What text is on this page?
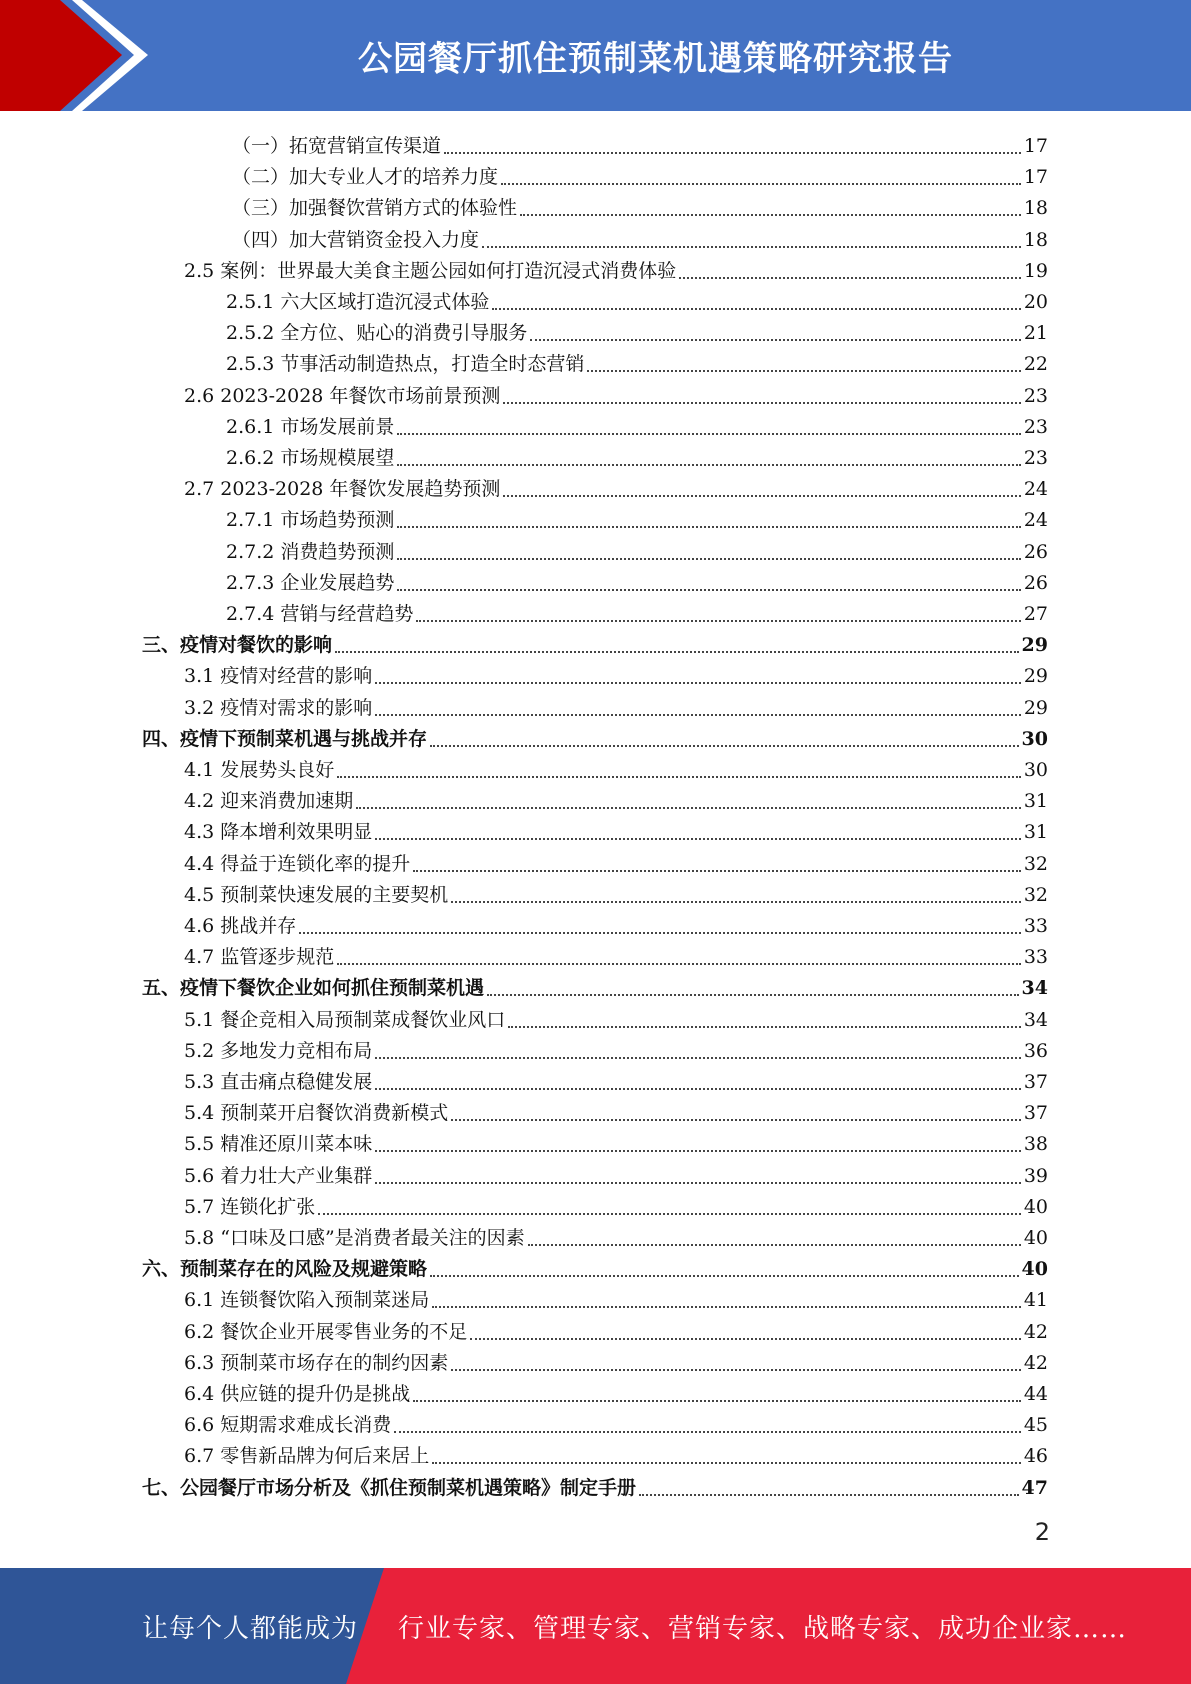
公园餐厅抓住预制菜机遇策略研究报告
（一）拓宽营销宣传渠道	17
（二）加大专业人才的培养力度	17
（三）加强餐饮营销方式的体验性	18
（四）加大营销资金投入力度	18
2.5 案例：世界最大美食主题公园如何打造沉浸式消费体验	19
2.5.1 六大区域打造沉浸式体验	20
2.5.2 全方位、贴心的消费引导服务	21
2.5.3 节事活动制造热点，打造全时态营销	22
2.6 2023-2028 年餐饮市场前景预测	23
2.6.1 市场发展前景	23
2.6.2 市场规模展望	23
2.7 2023-2028 年餐饮发展趋势预测	24
2.7.1 市场趋势预测	24
2.7.2 消费趋势预测	26
2.7.3 企业发展趋势	26
2.7.4 营销与经营趋势	27
三、疫情对餐饮的影响	29
3.1 疫情对经营的影响	29
3.2 疫情对需求的影响	29
四、疫情下预制菜机遇与挑战并存	30
4.1 发展势头良好	30
4.2 迎来消费加速期	31
4.3 降本增利效果明显	31
4.4 得益于连锁化率的提升	32
4.5 预制菜快速发展的主要契机	32
4.6 挑战并存	33
4.7 监管逐步规范	33
五、疫情下餐饮企业如何抓住预制菜机遇	34
5.1 餐企竞相入局预制菜成餐饮业风口	34
5.2 多地发力竞相布局	36
5.3 直击痛点稳健发展	37
5.4 预制菜开启餐饮消费新模式	37
5.5 精准还原川菜本味	38
5.6 着力壮大产业集群	39
5.7 连锁化扩张	40
5.8 “口味及口感”是消费者最关注的因素	40
六、预制菜存在的风险及规避策略	40
6.1 连锁餐饮陷入预制菜迷局	41
6.2 餐饮企业开展零售业务的不足	42
6.3 预制菜市场存在的制约因素	42
6.4 供应链的提升仍是挑战	44
6.6 短期需求难成长消费	45
6.7 零售新品牌为何后来居上	46
七、公园餐厅市场分析及《抓住预制菜机遇策略》制定手册	47
2
让每个人都能成为 行业专家、管理专家、营销专家、战略专家、成功企业家……
